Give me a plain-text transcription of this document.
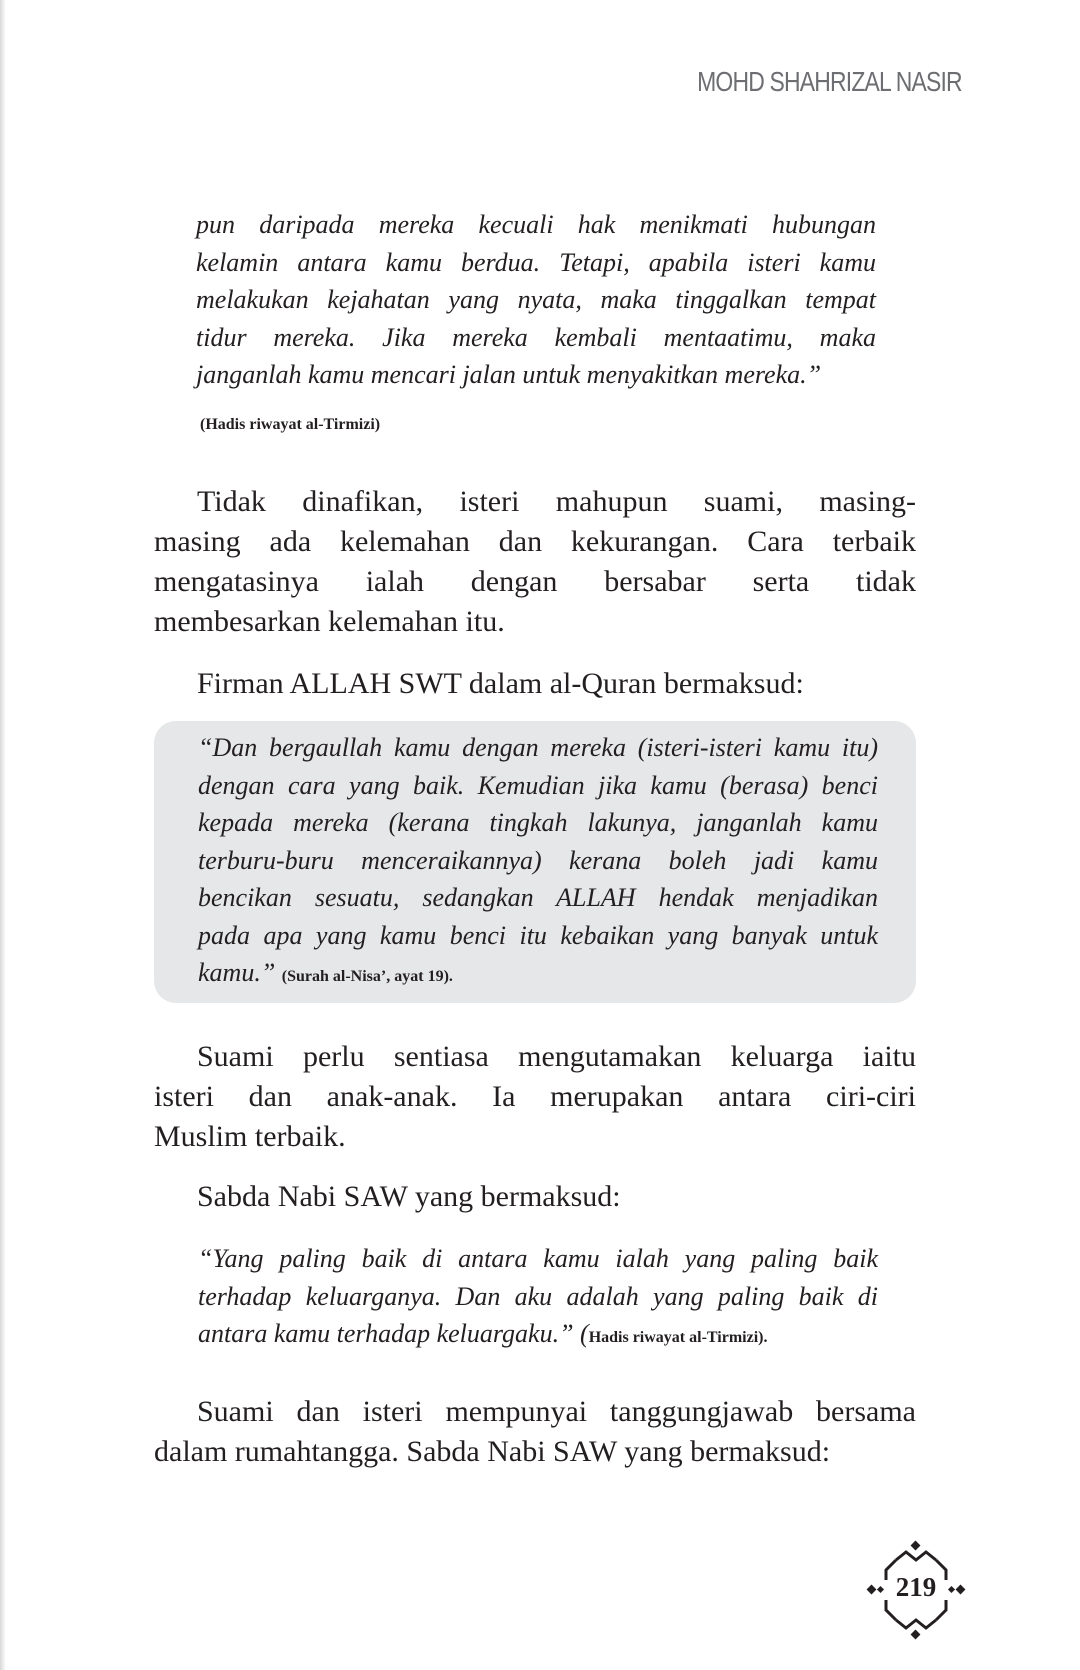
MOHD SHAHRIZAL NASIR
pun daripada mereka kecuali hak menikmati hubungan
kelamin antara kamu berdua. Tetapi, apabila isteri kamu
melakukan kejahatan yang nyata, maka tinggalkan tempat
tidur mereka. Jika mereka kembali mentaatimu, maka
janganlah kamu mencari jalan untuk menyakitkan mereka.”
(Hadis riwayat al-Tirmizi)
Tidak dinafikan, isteri mahupun suami, masing-
masing ada kelemahan dan kekurangan. Cara terbaik
mengatasinya ialah dengan bersabar serta tidak
membesarkan kelemahan itu.
Firman ALLAH SWT dalam al-Quran bermaksud:
“Dan bergaullah kamu dengan mereka (isteri-isteri kamu itu)
dengan cara yang baik. Kemudian jika kamu (berasa) benci
kepada mereka (kerana tingkah lakunya, janganlah kamu
terburu-buru menceraikannya) kerana boleh jadi kamu
bencikan sesuatu, sedangkan ALLAH hendak menjadikan
pada apa yang kamu benci itu kebaikan yang banyak untuk
kamu.” (Surah al-Nisa’, ayat 19).
Suami perlu sentiasa mengutamakan keluarga iaitu
isteri dan anak-anak. Ia merupakan antara ciri-ciri
Muslim terbaik.
Sabda Nabi SAW yang bermaksud:
“Yang paling baik di antara kamu ialah yang paling baik
terhadap keluarganya. Dan aku adalah yang paling baik di
antara kamu terhadap keluargaku.” (Hadis riwayat al-Tirmizi).
Suami dan isteri mempunyai tanggungjawab bersama
dalam rumahtangga. Sabda Nabi SAW yang bermaksud:
219
